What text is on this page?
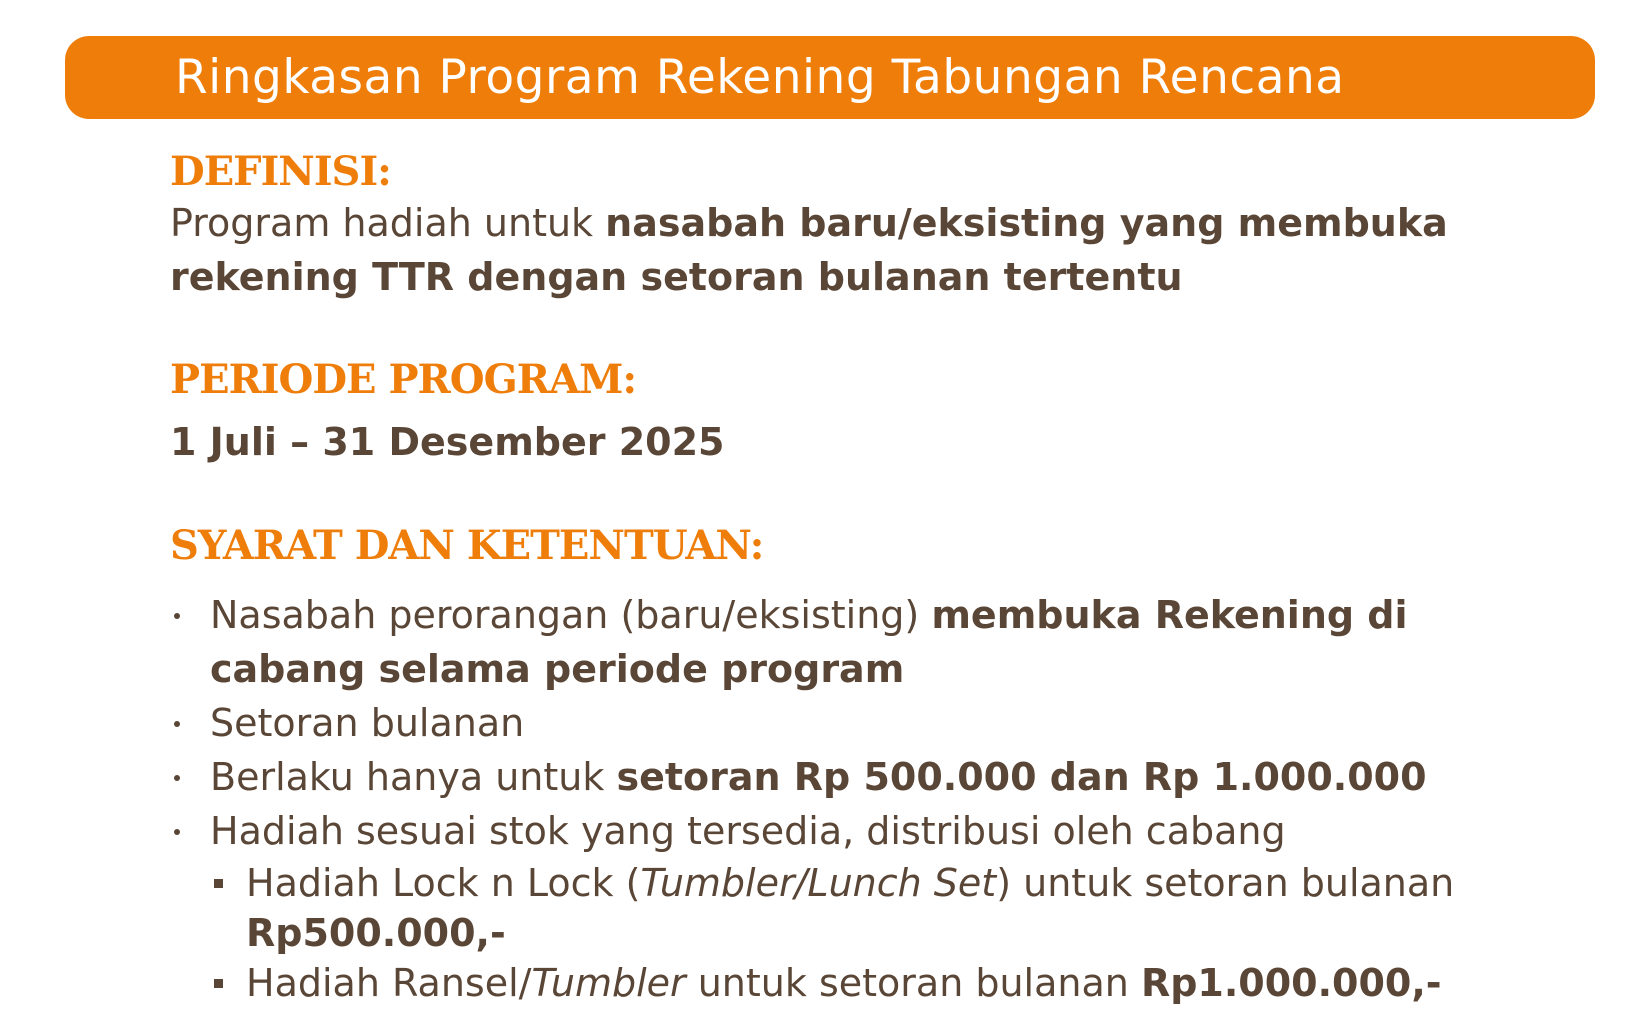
Ringkasan Program Rekening Tabungan Rencana
DEFINISI:

Program hadiah untuk nasabah baru/eksisting yang membuka
rekening TTR dengan setoran bulanan tertentu

PERIODE PROGRAM:

1 Juli – 31 Desember 2025

SYARAT DAN KETENTUAN:
Nasabah perorangan (baru/eksisting) membuka Rekening di
cabang selama periode program
Setoran bulanan
Berlaku hanya untuk setoran Rp 500.000 dan Rp 1.000.000
Hadiah sesuai stok yang tersedia, distribusi oleh cabang
Hadiah Lock n Lock (Tumbler/Lunch Set) untuk setoran bulanan
Rp500.000,-
Hadiah Ransel/Tumbler untuk setoran bulanan Rp1.000.000,-
